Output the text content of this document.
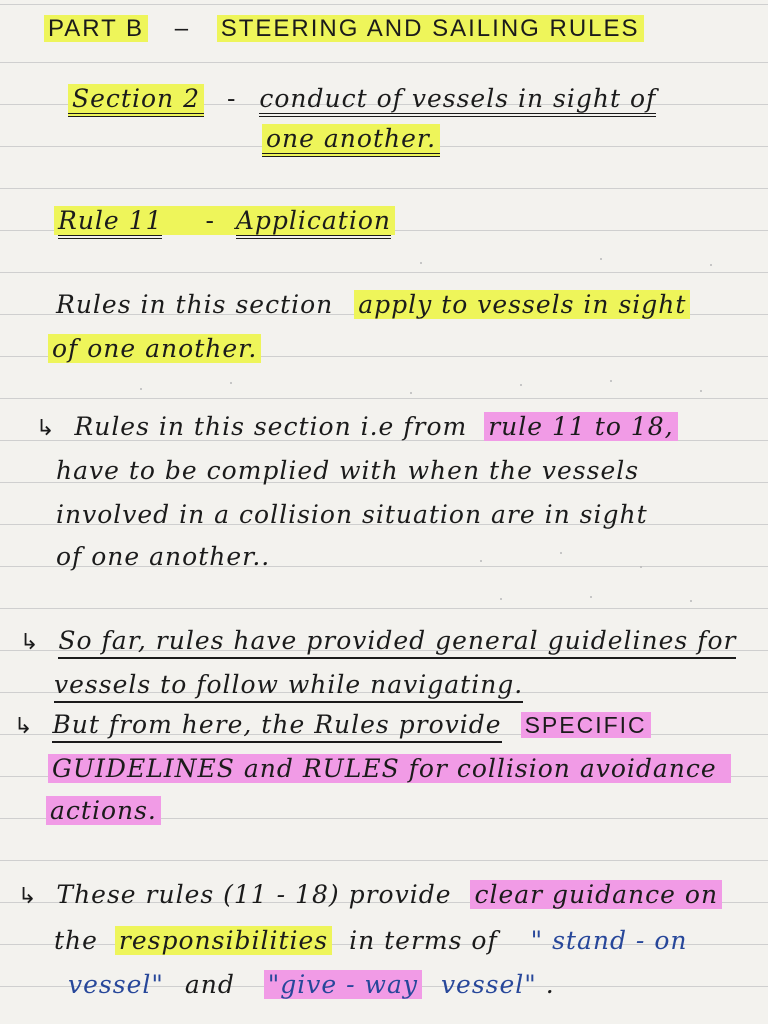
PART B – STEERING AND SAILING RULES
Section 2 - conduct of vessels in sight of
one another.
Rule 11 - Application
Rules in this section apply to vessels in sight
of one another.
↳ Rules in this section i.e from rule 11 to 18,
have to be complied with when the vessels
involved in a collision situation are in sight
of one another..
↳ So far, rules have provided general guidelines for
vessels to follow while navigating.
↳ But from here, the Rules provide SPECIFIC
GUIDELINES and RULES for collision avoidance
actions.
↳ These rules (11 - 18) provide clear guidance on
the responsibilities in terms of " stand - on
vessel" and "give - way vessel" .
